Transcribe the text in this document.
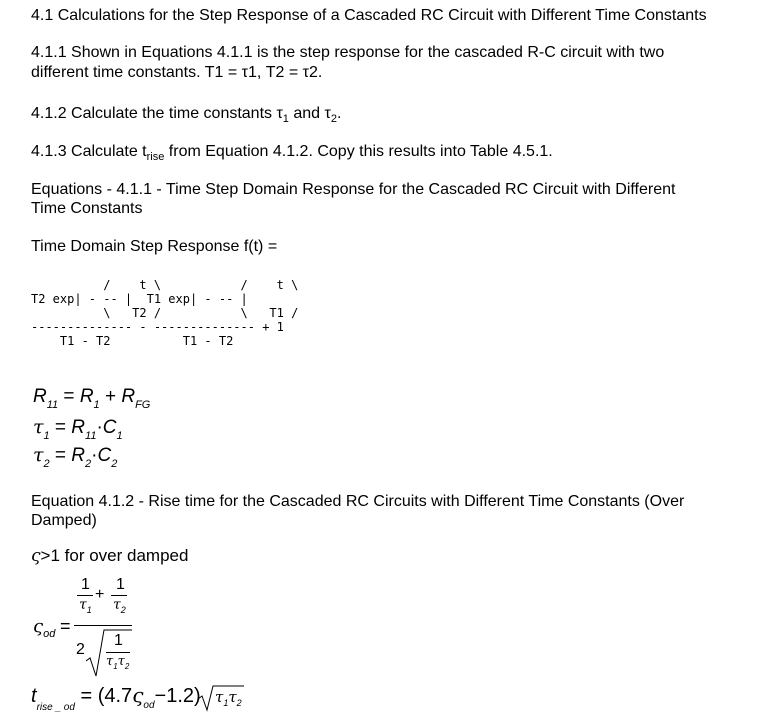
4.1 Calculations for the Step Response of a Cascaded RC Circuit with Different Time Constants

4.1.1 Shown in Equations 4.1.1 is the step response for the cascaded R-C circuit with two

different time constants. T1 = τ1, T2 = τ2.

4.1.2 Calculate the time constants $\tau_1$ and $\tau_2$.

4.1.3 Calculate $t_{rise}$ from Equation 4.1.2. Copy this results into Table 4.5.1.

Equations - 4.1.1 - Time Step Domain Response for the Cascaded RC Circuit with Different

Time Constants

Time Domain Step Response f(t) =

/    t \           /    t \
T2 exp| - -- |  T1 exp| - -- |
\   T2 /           \   T1 /
-------------- - -------------- + 1
T1 - T2          T1 - T2
$R_{11} = R_1 + R_{FG}$
$\tau_1 = R_{11}\cdot C_1$
$\tau_2 = R_2\cdot C_2$

Equation 4.1.2 - Rise time for the Cascaded RC Circuits with Different Time Constants (Over

Damped)

ς>1 for over damped
$\varsigma_{od}$ =
1 1
+
$\tau_1$ $\tau_2$
2
1
$\tau_1\tau_2$
$t_{rise \_ od} = (4.7\varsigma_{od}-1.2)$ $\tau_1\tau_2$
